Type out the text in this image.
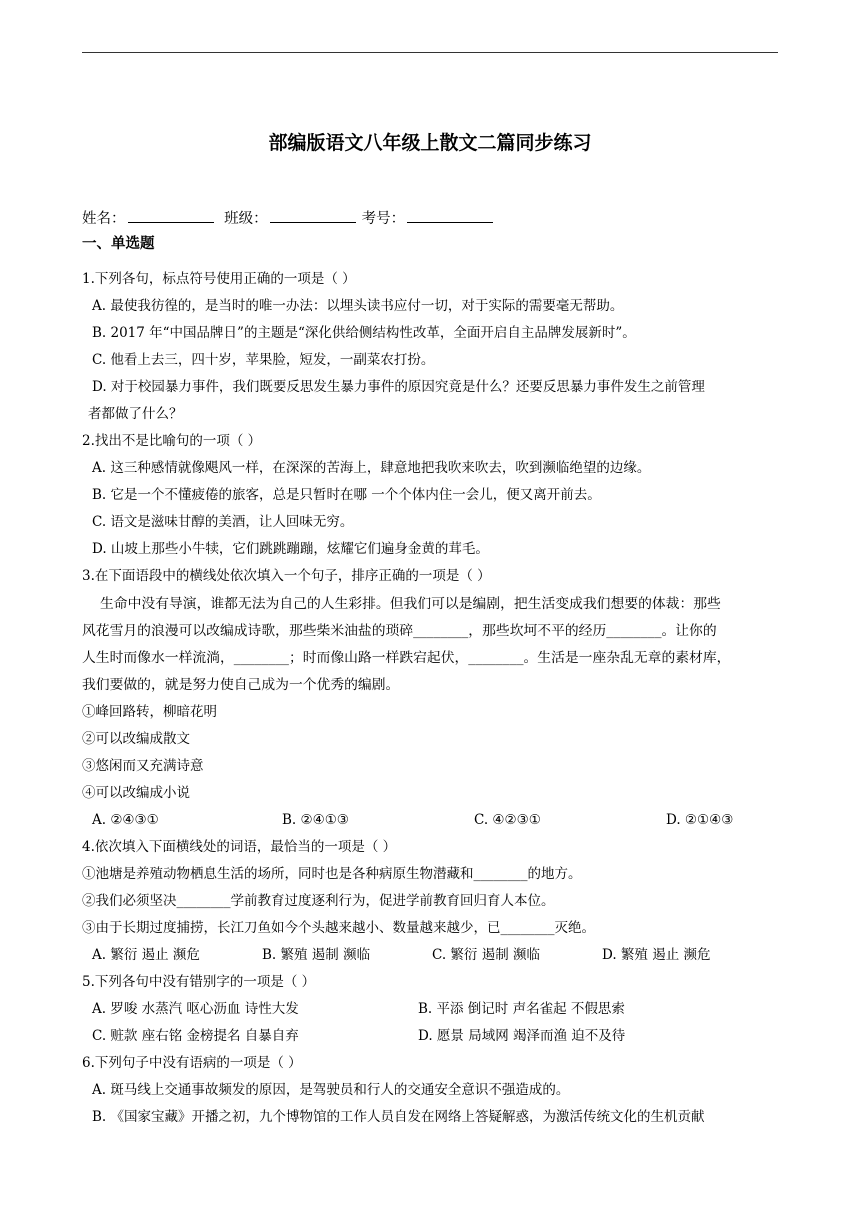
部编版语文八年级上散文二篇同步练习
姓名：	班级：	考号：
一、单选题
1.下列各句，标点符号使用正确的一项是（ ）
A. 最使我彷徨的，是当时的唯一办法：以埋头读书应付一切，对于实际的需要毫无帮助。
B. 2017 年“中国品牌日”的主题是“深化供给侧结构性改革，全面开启自主品牌发展新时”。
C. 他看上去三，四十岁，苹果脸，短发，一副菜农打扮。
D. 对于校园暴力事件，我们既要反思发生暴力事件的原因究竟是什么？还要反思暴力事件发生之前管理
者都做了什么？
2.找出不是比喻句的一项（ ）
A. 这三种感情就像飓风一样，在深深的苦海上，肆意地把我吹来吹去，吹到濒临绝望的边缘。
B. 它是一个不懂疲倦的旅客，总是只暂时在哪 一个个体内住一会儿，便又离开前去。
C. 语文是滋味甘醇的美酒，让人回味无穷。
D. 山坡上那些小牛犊，它们跳跳蹦蹦，炫耀它们遍身金黄的茸毛。
3.在下面语段中的横线处依次填入一个句子，排序正确的一项是（ ）
生命中没有导演，谁都无法为自己的人生彩排。但我们可以是编剧，把生活变成我们想要的体裁：那些
风花雪月的浪漫可以改编成诗歌，那些柴米油盐的琐碎________，那些坎坷不平的经历________。让你的
人生时而像水一样流淌，________；时而像山路一样跌宕起伏，________。生活是一座杂乱无章的素材库，
我们要做的，就是努力使自己成为一个优秀的编剧。
①峰回路转，柳暗花明
②可以改编成散文
③悠闲而又充满诗意
④可以改编成小说
A. ②④③①	B. ②④①③	C. ④②③①	D. ②①④③
4.依次填入下面横线处的词语，最恰当的一项是（ ）
①池塘是养殖动物栖息生活的场所，同时也是各种病原生物潜藏和________的地方。
②我们必须坚决________学前教育过度逐利行为，促进学前教育回归育人本位。
③由于长期过度捕捞，长江刀鱼如今个头越来越小、数量越来越少，已________灭绝。
A. 繁衍 遏止 濒危	B. 繁殖 遏制 濒临	C. 繁衍 遏制 濒临	D. 繁殖 遏止 濒危
5.下列各句中没有错别字的一项是（ ）
A. 罗唆 水蒸汽 呕心沥血 诗性大发	B. 平添 倒记时 声名雀起 不假思索
C. 赃款 座右铭 金榜提名 自暴自弃	D. 愿景 局域网 竭泽而渔 迫不及待
6.下列句子中没有语病的一项是（ ）
A. 斑马线上交通事故频发的原因，是驾驶员和行人的交通安全意识不强造成的。
B. 《国家宝藏》开播之初，九个博物馆的工作人员自发在网络上答疑解惑，为激活传统文化的生机贡献
